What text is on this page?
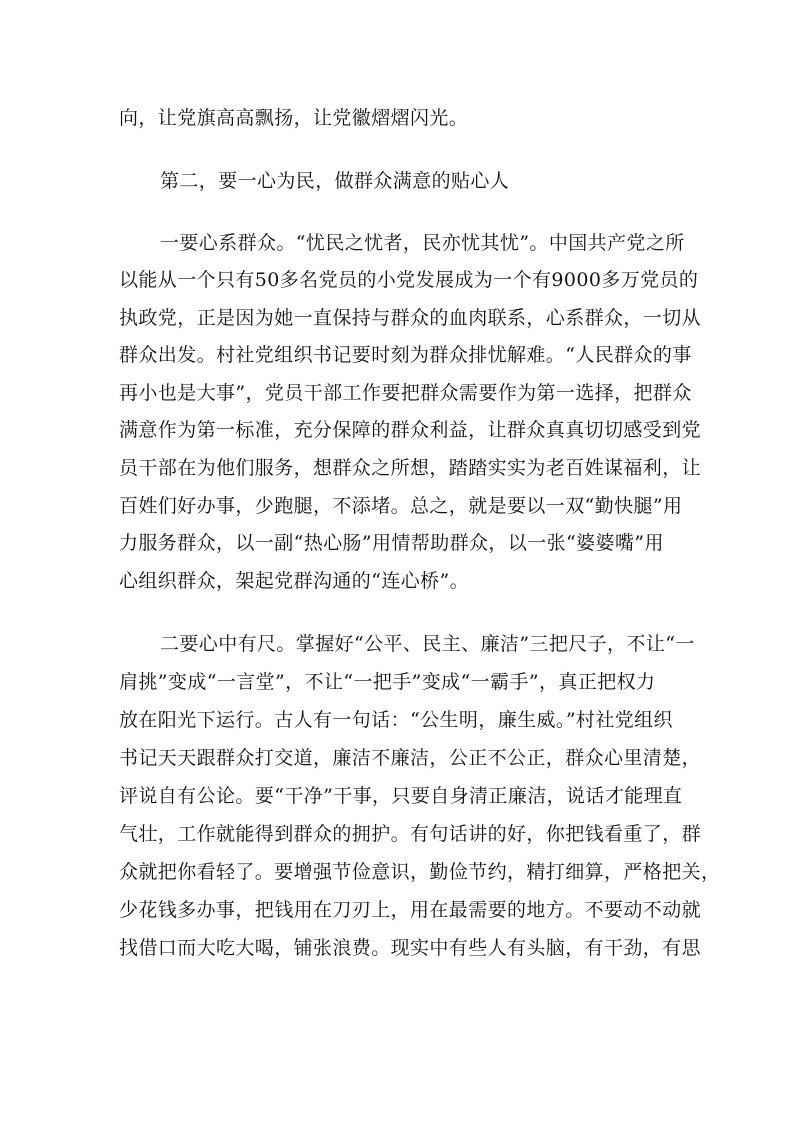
向，让党旗高高飘扬，让党徽熠熠闪光。
第二，要一心为民，做群众满意的贴心人
一要心系群众。“忧民之忧者，民亦忧其忧”。中国共产党之所
以能从一个只有50多名党员的小党发展成为一个有9000多万党员的
执政党，正是因为她一直保持与群众的血肉联系，心系群众，一切从
群众出发。村社党组织书记要时刻为群众排忧解难。“人民群众的事
再小也是大事”，党员干部工作要把群众需要作为第一选择，把群众
满意作为第一标准，充分保障的群众利益，让群众真真切切感受到党
员干部在为他们服务，想群众之所想，踏踏实实为老百姓谋福利，让
百姓们好办事，少跑腿，不添堵。总之，就是要以一双“勤快腿”用
力服务群众，以一副“热心肠”用情帮助群众，以一张“婆婆嘴”用
心组织群众，架起党群沟通的“连心桥”。
二要心中有尺。掌握好“公平、民主、廉洁”三把尺子，不让“一
肩挑”变成“一言堂”，不让“一把手”变成“一霸手”，真正把权力
放在阳光下运行。古人有一句话：“公生明，廉生威。”村社党组织
书记天天跟群众打交道，廉洁不廉洁，公正不公正，群众心里清楚，
评说自有公论。要“干净”干事，只要自身清正廉洁，说话才能理直
气壮，工作就能得到群众的拥护。有句话讲的好，你把钱看重了，群
众就把你看轻了。要增强节俭意识，勤俭节约，精打细算，严格把关，
少花钱多办事，把钱用在刀刃上，用在最需要的地方。不要动不动就
找借口而大吃大喝，铺张浪费。现实中有些人有头脑，有干劲，有思
